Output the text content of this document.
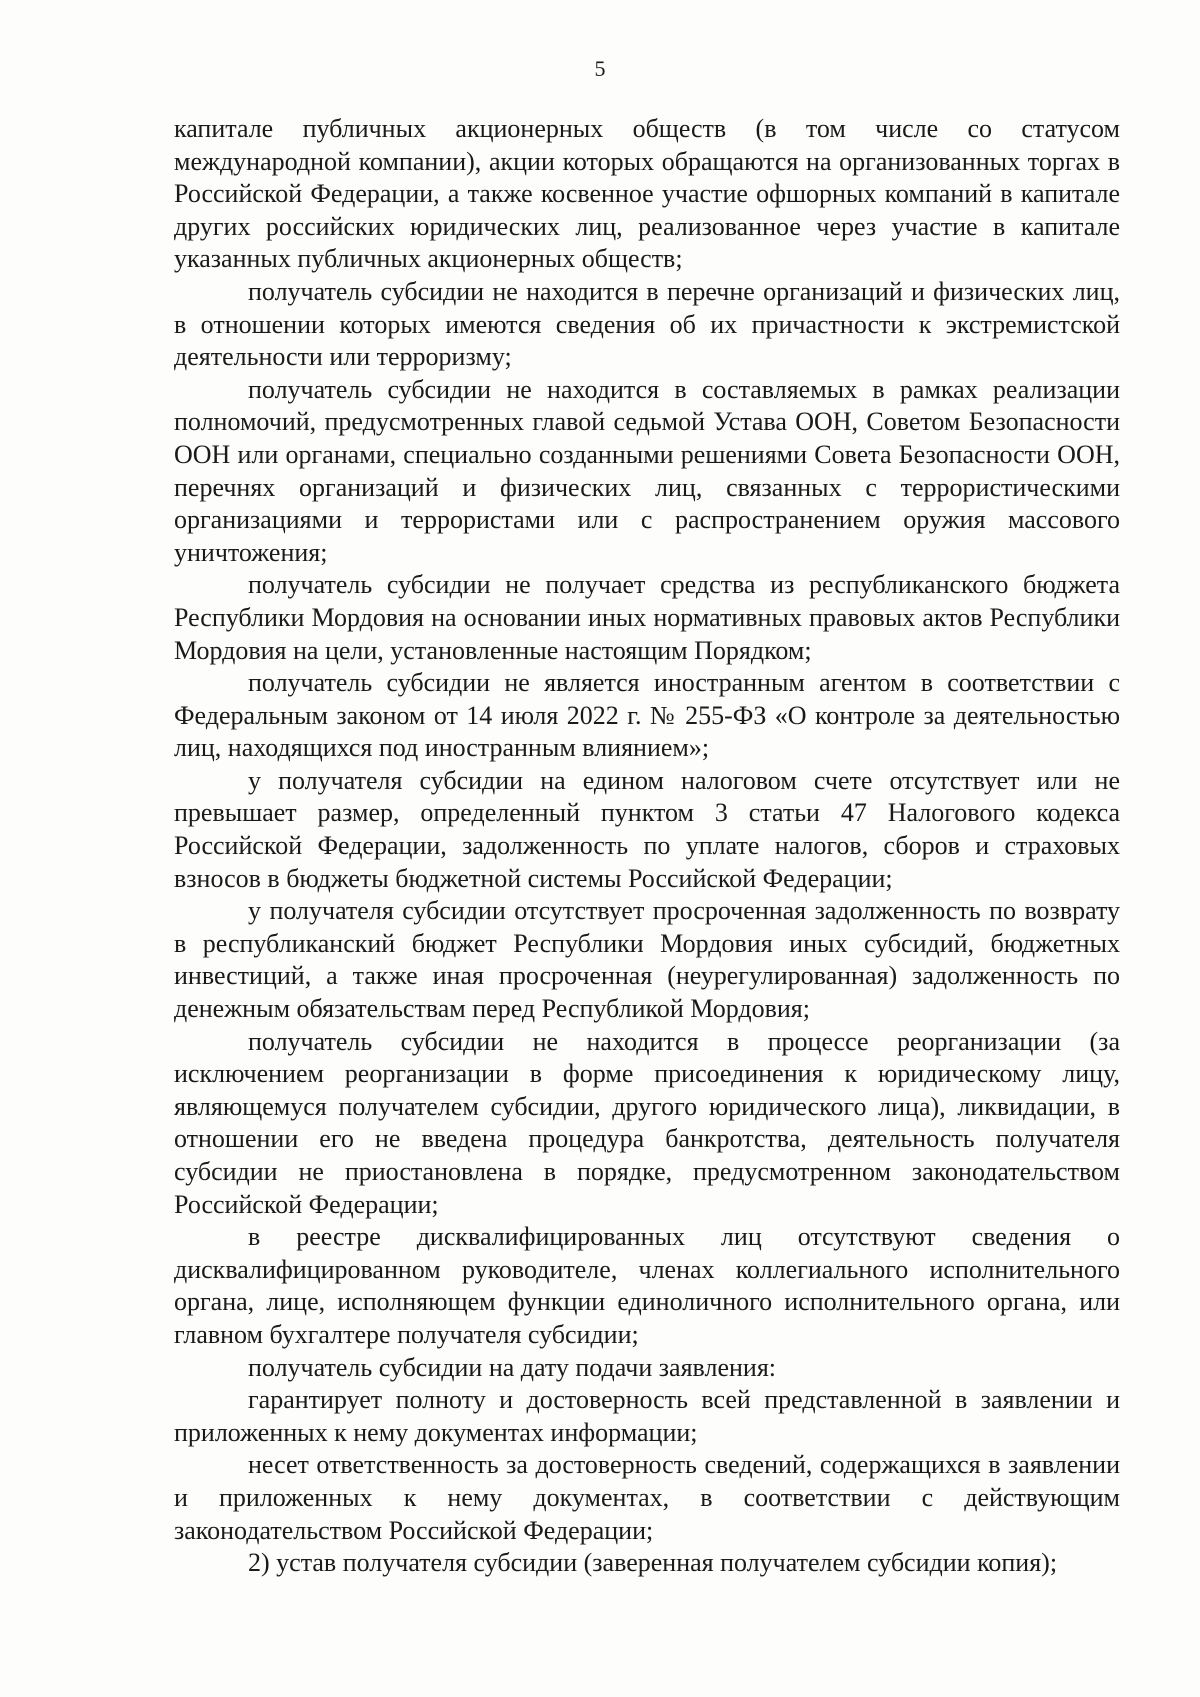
5

капитале публичных акционерных обществ (в том числе со статусом международной компании), акции которых обращаются на организованных торгах в Российской Федерации, а также косвенное участие офшорных компаний в капитале других российских юридических лиц, реализованное через участие в капитале указанных публичных акционерных обществ;

получатель субсидии не находится в перечне организаций и физических лиц, в отношении которых имеются сведения об их причастности к экстремистской деятельности или терроризму;

получатель субсидии не находится в составляемых в рамках реализации полномочий, предусмотренных главой седьмой Устава ООН, Советом Безопасности ООН или органами, специально созданными решениями Совета Безопасности ООН, перечнях организаций и физических лиц, связанных с террористическими организациями и террористами или с распространением оружия массового уничтожения;

получатель субсидии не получает средства из республиканского бюджета Республики Мордовия на основании иных нормативных правовых актов Республики Мордовия на цели, установленные настоящим Порядком;

получатель субсидии не является иностранным агентом в соответствии с Федеральным законом от 14 июля 2022 г. № 255-ФЗ «О контроле за деятельностью лиц, находящихся под иностранным влиянием»;

у получателя субсидии на едином налоговом счете отсутствует или не превышает размер, определенный пунктом 3 статьи 47 Налогового кодекса Российской Федерации, задолженность по уплате налогов, сборов и страховых взносов в бюджеты бюджетной системы Российской Федерации;

у получателя субсидии отсутствует просроченная задолженность по возврату в республиканский бюджет Республики Мордовия иных субсидий, бюджетных инвестиций, а также иная просроченная (неурегулированная) задолженность по денежным обязательствам перед Республикой Мордовия;

получатель субсидии не находится в процессе реорганизации (за исключением реорганизации в форме присоединения к юридическому лицу, являющемуся получателем субсидии, другого юридического лица), ликвидации, в отношении его не введена процедура банкротства, деятельность получателя субсидии не приостановлена в порядке, предусмотренном законодательством Российской Федерации;

в реестре дисквалифицированных лиц отсутствуют сведения о дисквалифицированном руководителе, членах коллегиального исполнительного органа, лице, исполняющем функции единоличного исполнительного органа, или главном бухгалтере получателя субсидии;

получатель субсидии на дату подачи заявления:

гарантирует полноту и достоверность всей представленной в заявлении и приложенных к нему документах информации;

несет ответственность за достоверность сведений, содержащихся в заявлении и приложенных к нему документах, в соответствии с действующим законодательством Российской Федерации;

2) устав получателя субсидии (заверенная получателем субсидии копия);
